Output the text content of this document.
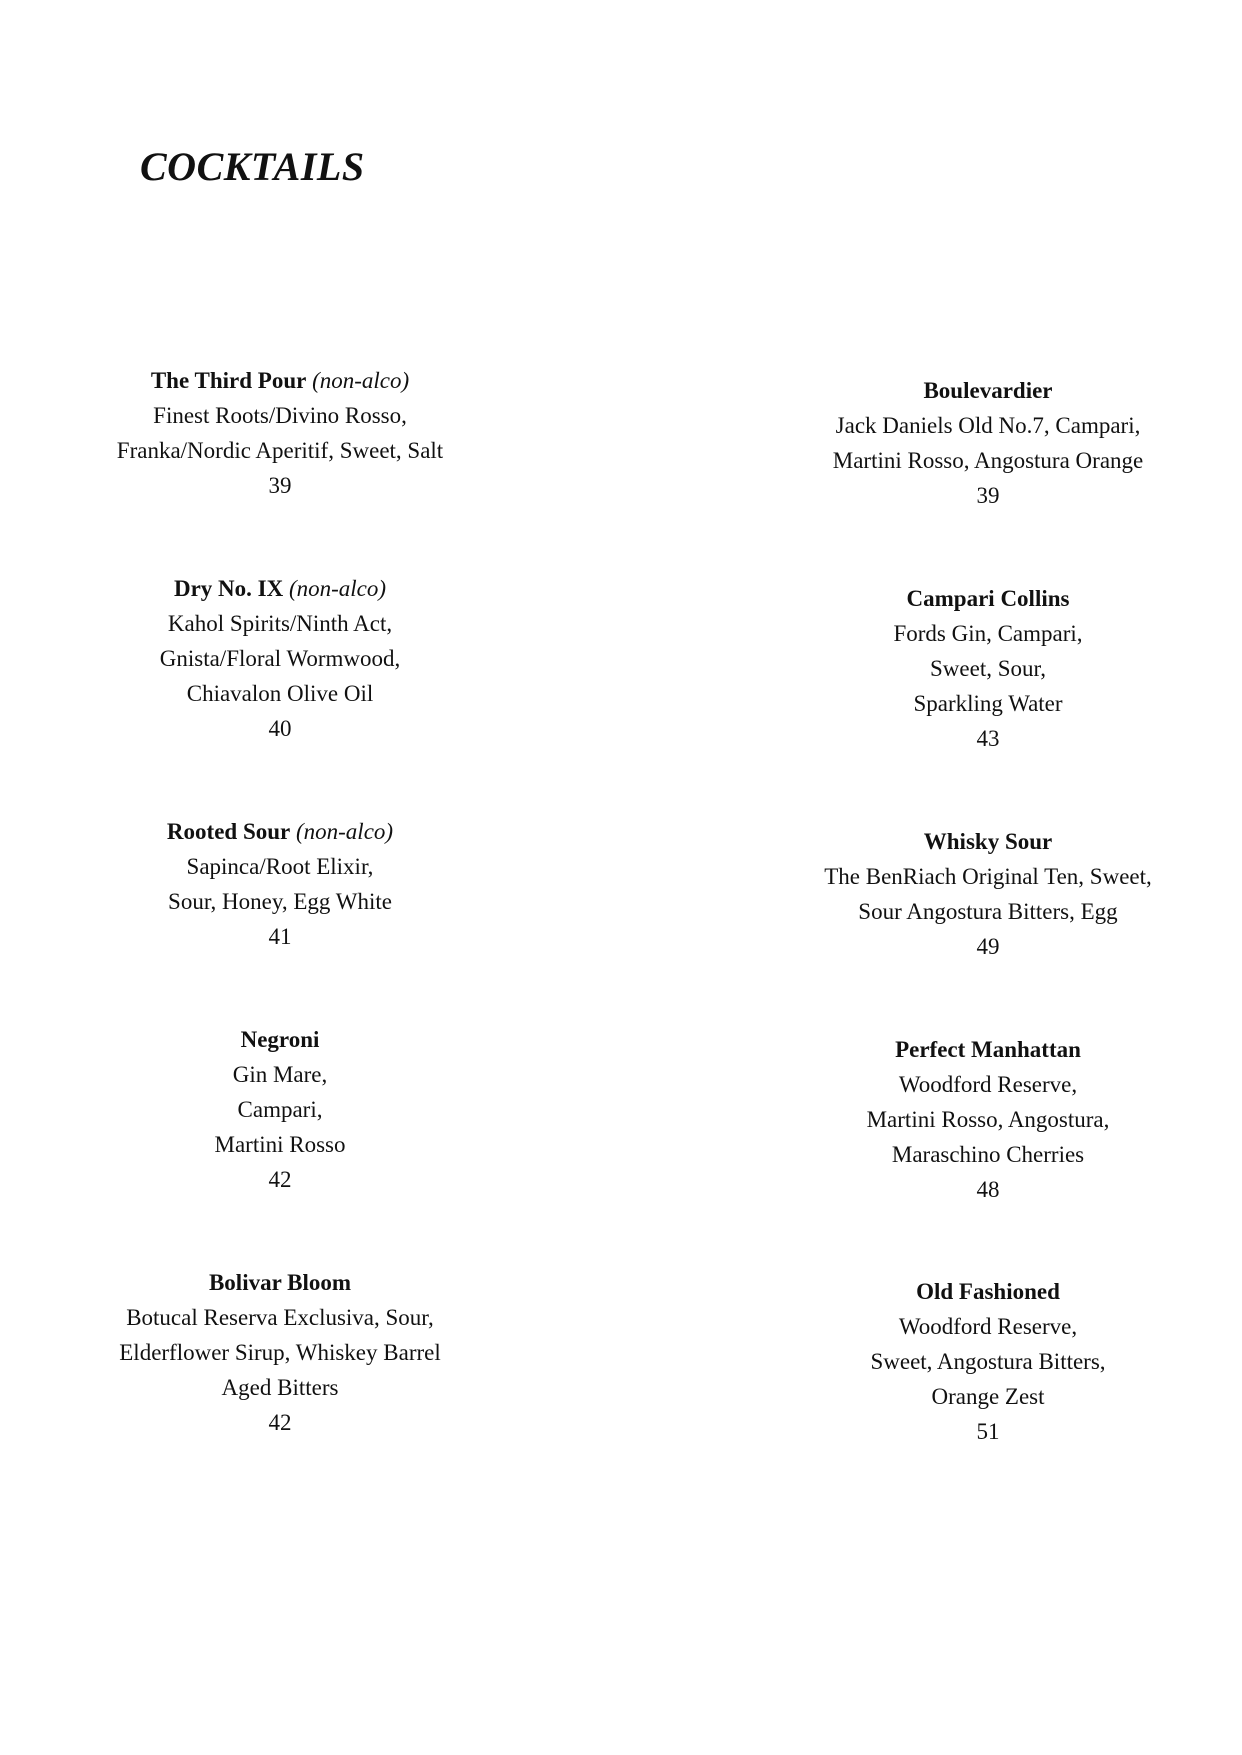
COCKTAILS
The Third Pour (non-alco)
Finest Roots/Divino Rosso,
Franka/Nordic Aperitif, Sweet, Salt
39
Dry No. IX (non-alco)
Kahol Spirits/Ninth Act,
Gnista/Floral Wormwood,
Chiavalon Olive Oil
40
Rooted Sour (non-alco)
Sapinca/Root Elixir,
Sour, Honey, Egg White
41
Negroni
Gin Mare,
Campari,
Martini Rosso
42
Bolivar Bloom
Botucal Reserva Exclusiva, Sour,
Elderflower Sirup, Whiskey Barrel
Aged Bitters
42
Boulevardier
Jack Daniels Old No.7, Campari,
Martini Rosso, Angostura Orange
39
Campari Collins
Fords Gin, Campari,
Sweet, Sour,
Sparkling Water
43
Whisky Sour
The BenRiach Original Ten, Sweet,
Sour Angostura Bitters, Egg
49
Perfect Manhattan
Woodford Reserve,
Martini Rosso, Angostura,
Maraschino Cherries
48
Old Fashioned
Woodford Reserve,
Sweet, Angostura Bitters,
Orange Zest
51
